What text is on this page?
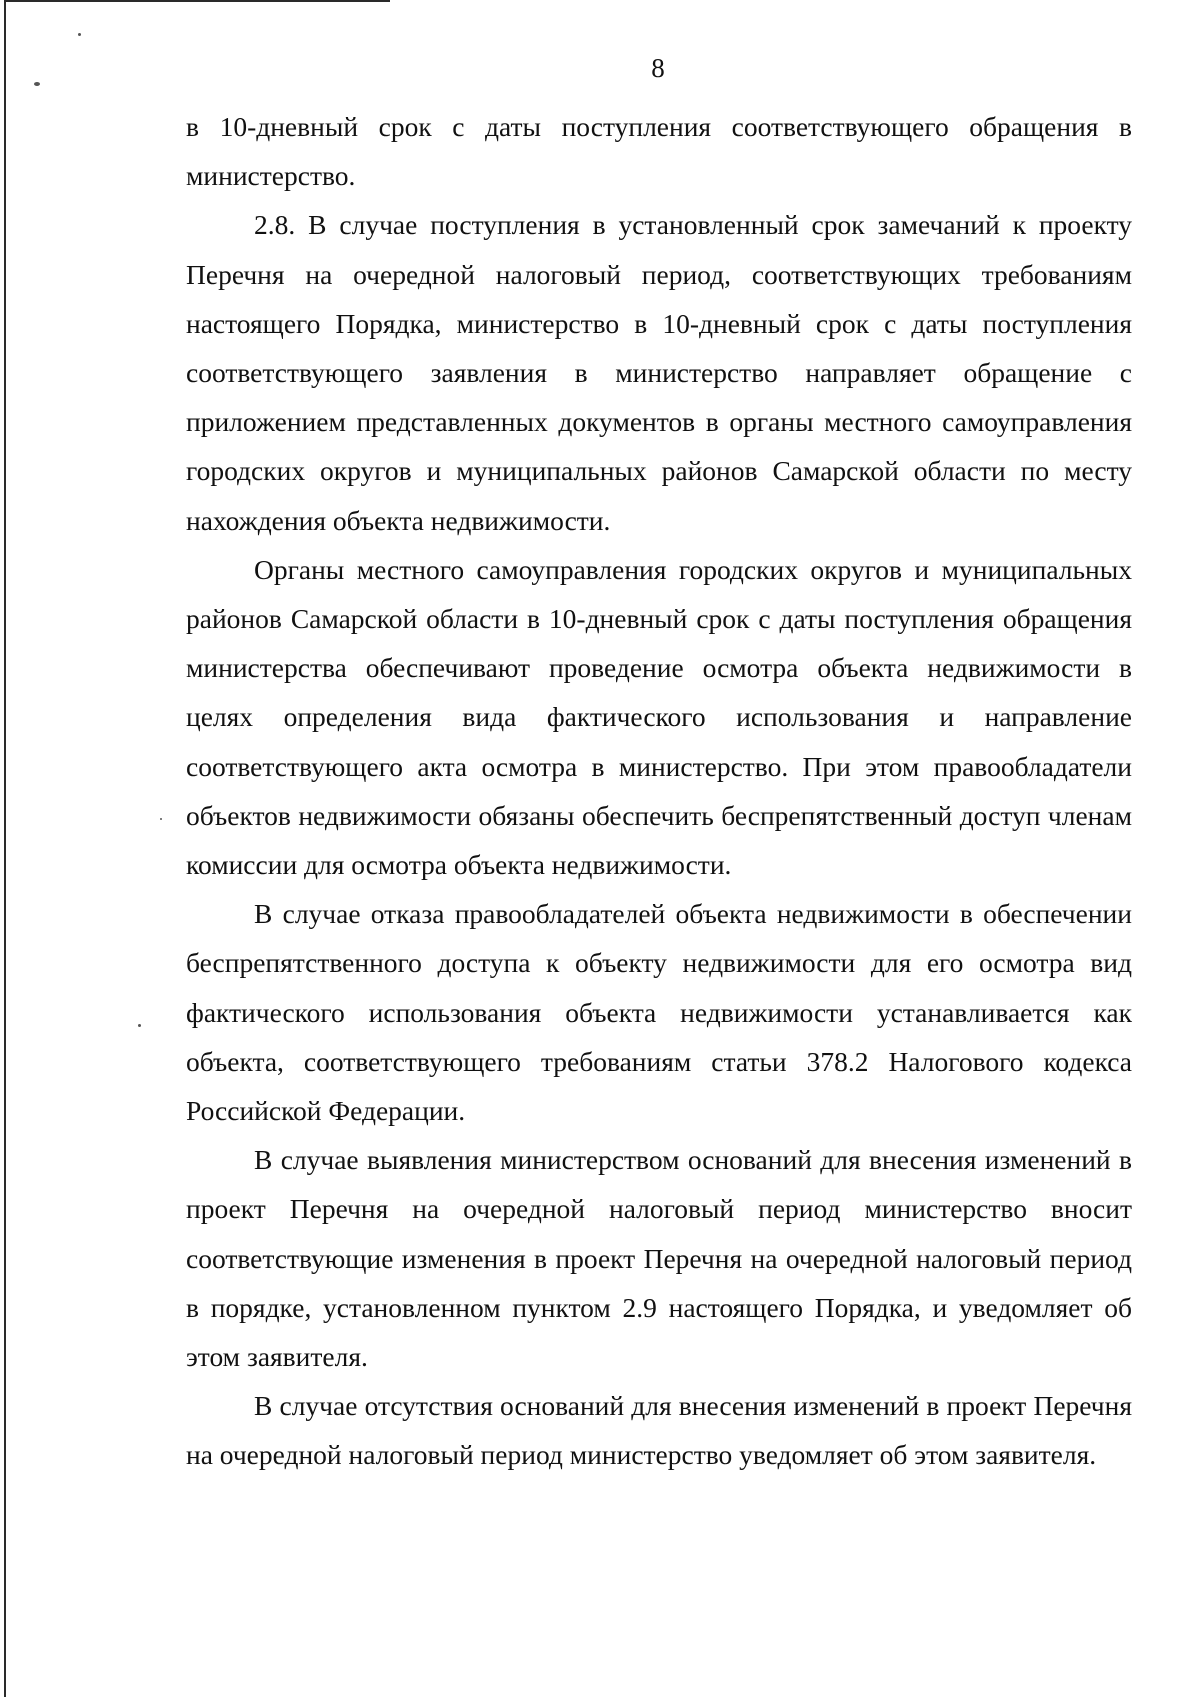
8

в 10-дневный срок с даты поступления соответствующего обращения в министерство.

2.8. В случае поступления в установленный срок замечаний к проекту Перечня на очередной налоговый период, соответствующих требованиям настоящего Порядка, министерство в 10-дневный срок с даты поступления соответствующего заявления в министерство направляет обращение с приложением представленных документов в органы местного самоуправления городских округов и муниципальных районов Самарской области по месту нахождения объекта недвижимости.

Органы местного самоуправления городских округов и муниципальных районов Самарской области в 10-дневный срок с даты поступления обращения министерства обеспечивают проведение осмотра объекта недвижимости в целях определения вида фактического использования и направление соответствующего акта осмотра в министерство. При этом правообладатели объектов недвижимости обязаны обеспечить беспрепятственный доступ членам комиссии для осмотра объекта недвижимости.

В случае отказа правообладателей объекта недвижимости в обеспечении беспрепятственного доступа к объекту недвижимости для его осмотра вид фактического использования объекта недвижимости устанавливается как объекта, соответствующего требованиям статьи 378.2 Налогового кодекса Российской Федерации.

В случае выявления министерством оснований для внесения изменений в проект Перечня на очередной налоговый период министерство вносит соответствующие изменения в проект Перечня на очередной налоговый период в порядке, установленном пунктом 2.9 настоящего Порядка, и уведомляет об этом заявителя.

В случае отсутствия оснований для внесения изменений в проект Перечня на очередной налоговый период министерство уведомляет об этом заявителя.
